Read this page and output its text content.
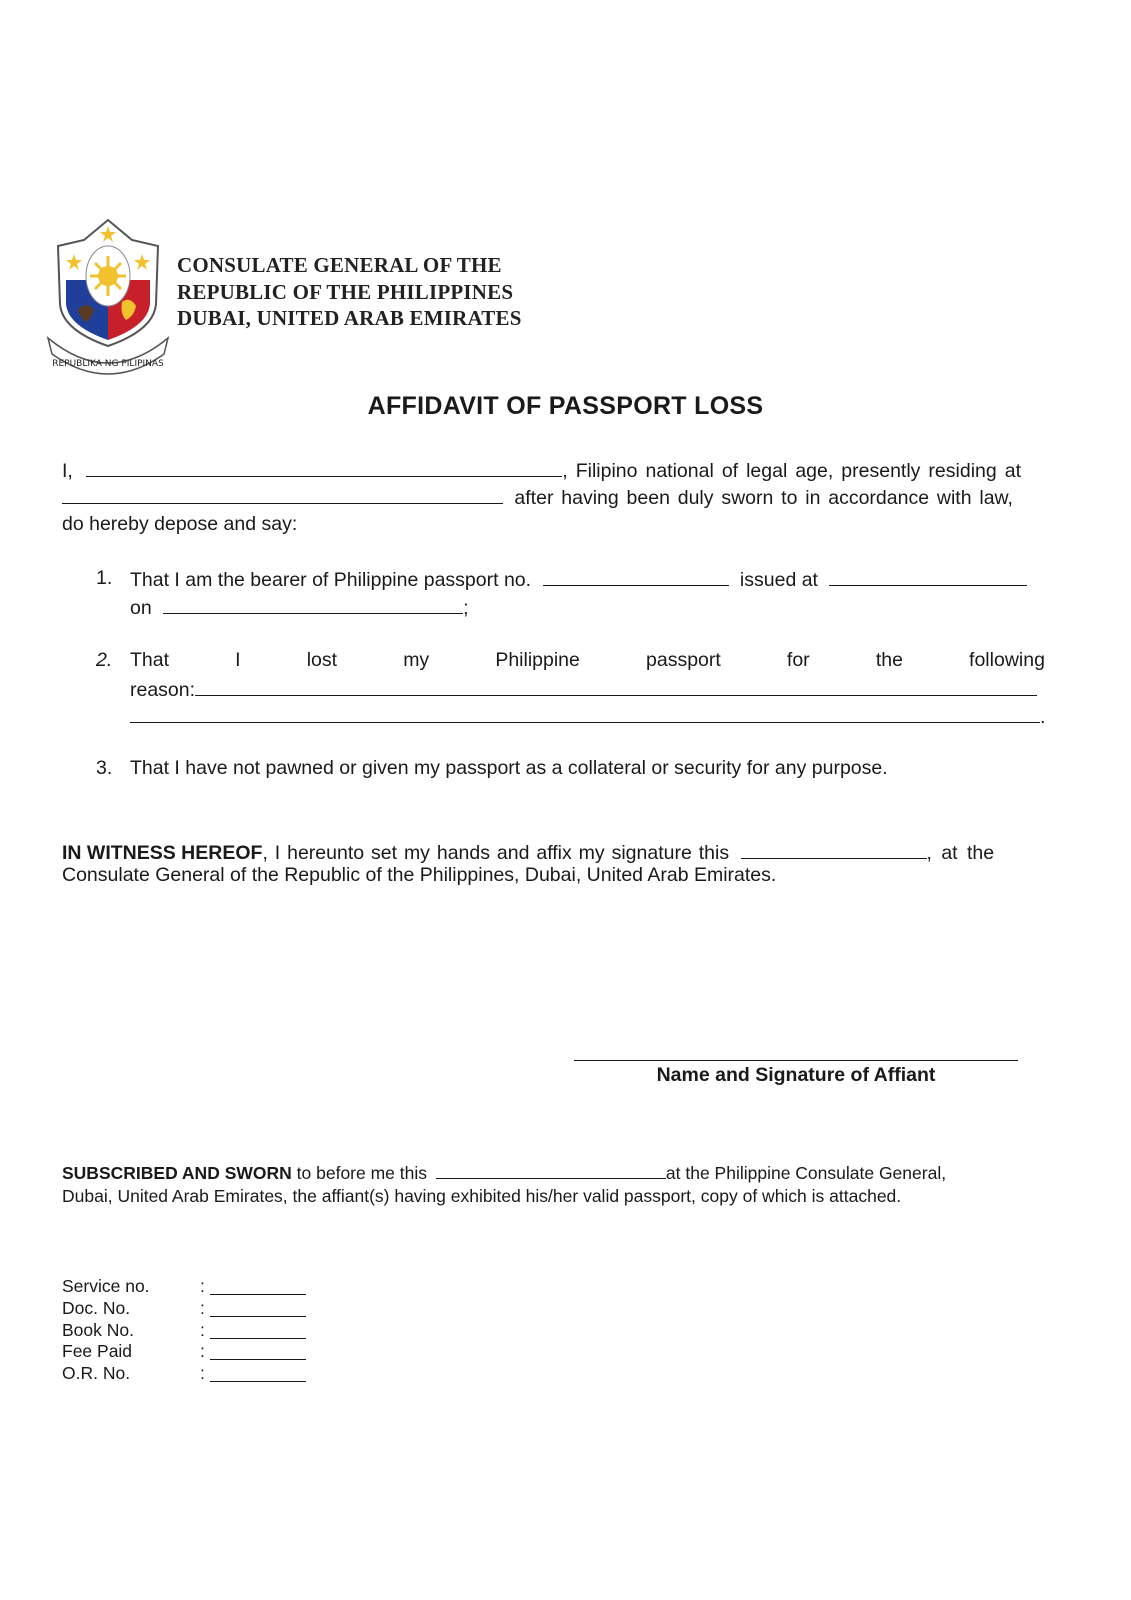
REPUBLIKA NG PILIPINAS
CONSULATE GENERAL OF THE
REPUBLIC OF THE PHILIPPINES
DUBAI, UNITED ARAB EMIRATES
AFFIDAVIT OF PASSPORT LOSS
I,	, Filipino national of legal age, presently residing at
after having been duly sworn to in accordance with law,
do hereby depose and say:
1. That I am the bearer of Philippine passport no.	issued at
on	;
2. That	I	lost	my	Philippine	passport	for	the	following
reason:
.
3. That I have not pawned or given my passport as a collateral or security for any purpose.
IN WITNESS HEREOF, I hereunto set my hands and affix my signature this	, at the
Consulate General of the Republic of the Philippines, Dubai, United Arab Emirates.
Name and Signature of Affiant
SUBSCRIBED AND SWORN to before me this	at the Philippine Consulate General,
Dubai, United Arab Emirates, the affiant(s) having exhibited his/her valid passport, copy of which is attached.
Service no.	:
Doc. No.	:
Book No.	:
Fee Paid	:
O.R. No.	:
